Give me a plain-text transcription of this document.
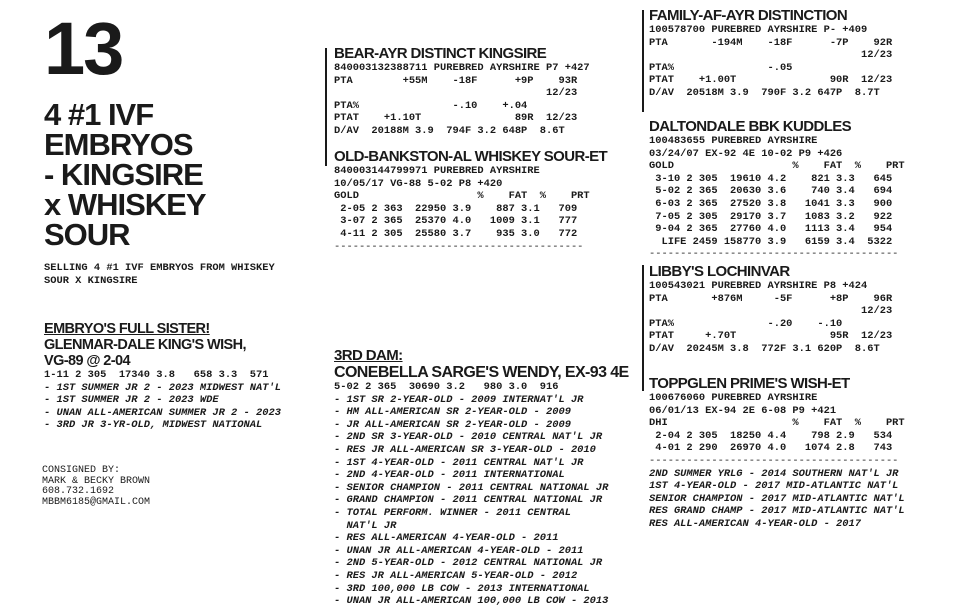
13
4 #1 IVF
EMBRYOS
- KINGSIRE
x WHISKEY
SOUR
SELLING 4 #1 IVF EMBRYOS FROM WHISKEY
SOUR X KINGSIRE
EMBRYO'S FULL SISTER!
GLENMAR-DALE KING'S WISH,
VG-89 @ 2-04
1-11 2 305  17340 3.8   658 3.3  571
- 1ST SUMMER JR 2 - 2023 MIDWEST NAT'L
- 1ST SUMMER JR 2 - 2023 WDE
- UNAN ALL-AMERICAN SUMMER JR 2 - 2023
- 3RD JR 3-YR-OLD, MIDWEST NATIONAL
CONSIGNED BY:
MARK & BECKY BROWN
608.732.1692
MBBM6185@GMAIL.COM
BEAR-AYR DISTINCT KINGSIRE
840003132388711 PUREBRED AYRSHIRE P7 +427
PTA        +55M    -18F      +9P    93R
12/23
PTA%               -.10    +.04
PTAT    +1.10T               89R  12/23
D/AV  20188M 3.9  794F 3.2 648P  8.6T
OLD-BANKSTON-AL WHISKEY SOUR-ET
840003144799971 PUREBRED AYRSHIRE
10/05/17 VG-88 5-02 P8 +420
GOLD                   %    FAT  %    PRT
2-05 2 363  22950 3.9    887 3.1   709
3-07 2 365  25370 4.0   1009 3.1   777
4-11 2 305  25580 3.7    935 3.0   772
----------------------------------------
3RD DAM:
CONEBELLA SARGE'S WENDY, EX-93 4E
5-02 2 365  30690 3.2   980 3.0  916
- 1ST SR 2-YEAR-OLD - 2009 INTERNAT'L JR
- HM ALL-AMERICAN SR 2-YEAR-OLD - 2009
- JR ALL-AMERICAN SR 2-YEAR-OLD - 2009
- 2ND SR 3-YEAR-OLD - 2010 CENTRAL NAT'L JR
- RES JR ALL-AMERICAN SR 3-YEAR-OLD - 2010
- 1ST 4-YEAR-OLD - 2011 CENTRAL NAT'L JR
- 2ND 4-YEAR-OLD - 2011 INTERNATIONAL
- SENIOR CHAMPION - 2011 CENTRAL NATIONAL JR
- GRAND CHAMPION - 2011 CENTRAL NATIONAL JR
- TOTAL PERFORM. WINNER - 2011 CENTRAL
NAT'L JR
- RES ALL-AMERICAN 4-YEAR-OLD - 2011
- UNAN JR ALL-AMERICAN 4-YEAR-OLD - 2011
- 2ND 5-YEAR-OLD - 2012 CENTRAL NATIONAL JR
- RES JR ALL-AMERICAN 5-YEAR-OLD - 2012
- 3RD 100,000 LB COW - 2013 INTERNATIONAL
- UNAN JR ALL-AMERICAN 100,000 LB COW - 2013
FAMILY-AF-AYR DISTINCTION
100578700 PUREBRED AYRSHIRE P- +409
PTA       -194M    -18F      -7P    92R
12/23
PTA%               -.05
PTAT    +1.00T               90R  12/23
D/AV  20518M 3.9  790F 3.2 647P  8.7T
DALTONDALE BBK KUDDLES
100483655 PUREBRED AYRSHIRE
03/24/07 EX-92 4E 10-02 P9 +426
GOLD                   %    FAT  %    PRT
3-10 2 305  19610 4.2    821 3.3   645
5-02 2 365  20630 3.6    740 3.4   694
6-03 2 365  27520 3.8   1041 3.3   900
7-05 2 305  29170 3.7   1083 3.2   922
9-04 2 365  27760 4.0   1113 3.4   954
LIFE 2459 158770 3.9   6159 3.4  5322
----------------------------------------
LIBBY'S LOCHINVAR
100543021 PUREBRED AYRSHIRE P8 +424
PTA       +876M     -5F      +8P    96R
12/23
PTA%               -.20    -.10
PTAT     +.70T               95R  12/23
D/AV  20245M 3.8  772F 3.1 620P  8.6T
TOPPGLEN PRIME'S WISH-ET
100676060 PUREBRED AYRSHIRE
06/01/13 EX-94 2E 6-08 P9 +421
DHI                    %    FAT  %    PRT
2-04 2 305  18250 4.4    798 2.9   534
4-01 2 290  26970 4.0   1074 2.8   743
----------------------------------------
2ND SUMMER YRLG - 2014 SOUTHERN NAT'L JR
1ST 4-YEAR-OLD - 2017 MID-ATLANTIC NAT'L
SENIOR CHAMPION - 2017 MID-ATLANTIC NAT'L
RES GRAND CHAMP - 2017 MID-ATLANTIC NAT'L
RES ALL-AMERICAN 4-YEAR-OLD - 2017
